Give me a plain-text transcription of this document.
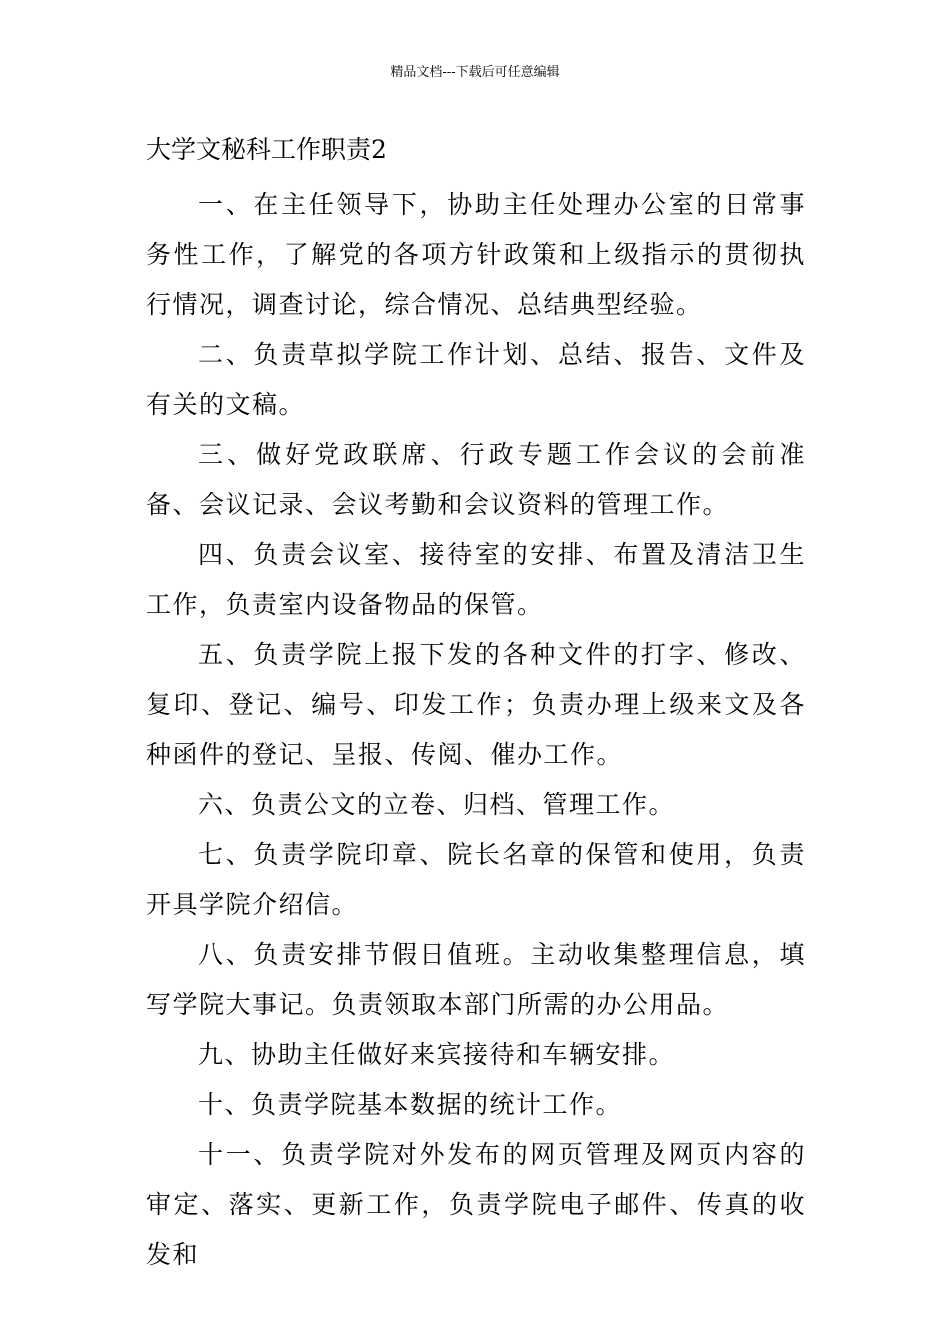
精品文档---下载后可任意编辑
大学文秘科工作职责2

一、在主任领导下，协助主任处理办公室的日常事务性工作，了解党的各项方针政策和上级指示的贯彻执行情况，调查讨论，综合情况、总结典型经验。

二、负责草拟学院工作计划、总结、报告、文件及有关的文稿。

三、做好党政联席、行政专题工作会议的会前准备、会议记录、会议考勤和会议资料的管理工作。

四、负责会议室、接待室的安排、布置及清洁卫生工作，负责室内设备物品的保管。

五、负责学院上报下发的各种文件的打字、修改、复印、登记、编号、印发工作；负责办理上级来文及各种函件的登记、呈报、传阅、催办工作。

六、负责公文的立卷、归档、管理工作。

七、负责学院印章、院长名章的保管和使用，负责开具学院介绍信。

八、负责安排节假日值班。主动收集整理信息，填写学院大事记。负责领取本部门所需的办公用品。

九、协助主任做好来宾接待和车辆安排。

十、负责学院基本数据的统计工作。

十一、负责学院对外发布的网页管理及网页内容的审定、落实、更新工作，负责学院电子邮件、传真的收发和
